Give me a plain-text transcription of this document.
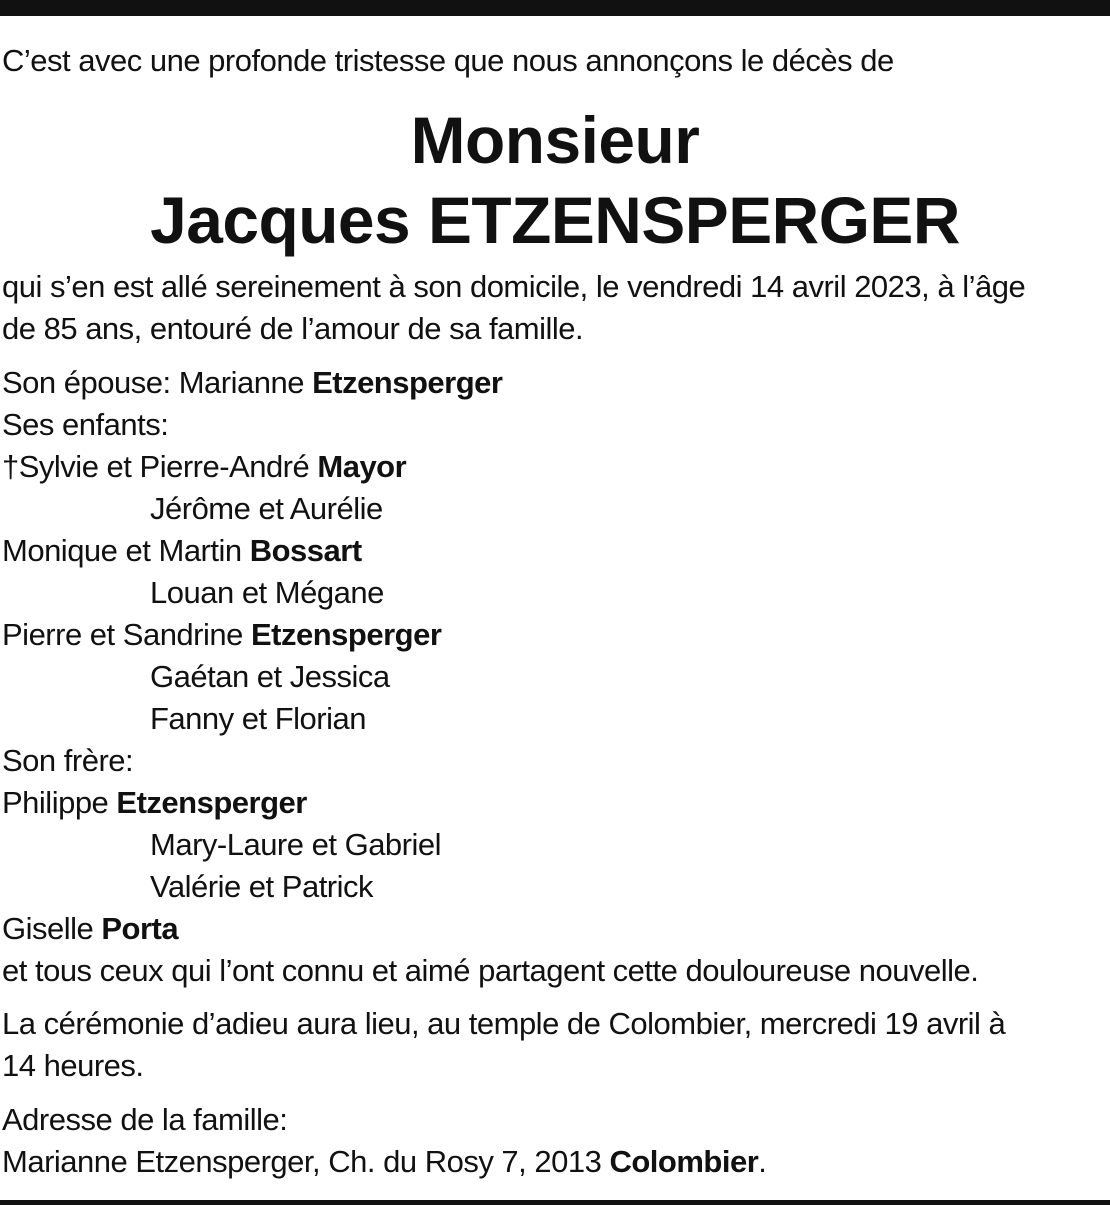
C’est avec une profonde tristesse que nous annonçons le décès de
Monsieur
Jacques ETZENSPERGER
qui s’en est allé sereinement à son domicile, le vendredi 14 avril 2023, à l’âge
de 85 ans, entouré de l’amour de sa famille.
Son épouse: Marianne Etzensperger
Ses enfants:
†Sylvie et Pierre-André Mayor
Jérôme et Aurélie
Monique et Martin Bossart
Louan et Mégane
Pierre et Sandrine Etzensperger
Gaétan et Jessica
Fanny et Florian
Son frère:
Philippe Etzensperger
Mary-Laure et Gabriel
Valérie et Patrick
Giselle Porta
et tous ceux qui l’ont connu et aimé partagent cette douloureuse nouvelle.
La cérémonie d’adieu aura lieu, au temple de Colombier, mercredi 19 avril à
14 heures.
Adresse de la famille:
Marianne Etzensperger, Ch. du Rosy 7, 2013 Colombier.
